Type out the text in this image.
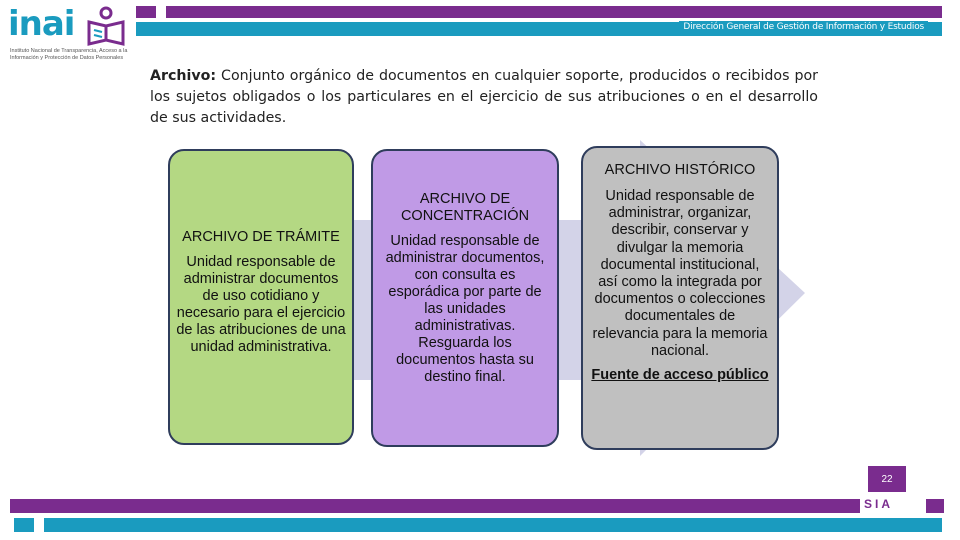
inai
Instituto Nacional de Transparencia, Acceso a la Información y Protección de Datos Personales
Dirección General de Gestión de Información y Estudios
Archivo: Conjunto orgánico de documentos en cualquier soporte, producidos o recibidos por los sujetos obligados o los particulares en el ejercicio de sus atribuciones o en el desarrollo de sus actividades.
ARCHIVO DE TRÁMITE

Unidad responsable de administrar documentos de uso cotidiano y necesario para el ejercicio de las atribuciones de una unidad administrativa.

ARCHIVO DE CONCENTRACIÓN

Unidad responsable de administrar documentos, con consulta es esporádica por parte de las unidades administrativas. Resguarda los documentos hasta su destino final.

ARCHIVO HISTÓRICO

Unidad responsable de administrar, organizar, describir, conservar y divulgar la memoria documental institucional, así como la integrada por documentos o colecciones documentales de relevancia para la memoria nacional.

Fuente de acceso público
22
SIA
